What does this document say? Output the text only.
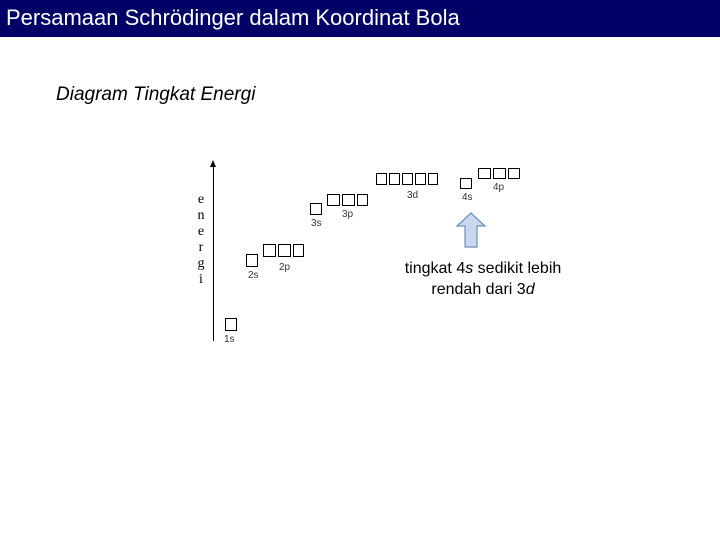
Persamaan Schrödinger dalam Koordinat Bola
Diagram Tingkat Energi
e
n
e
r
g
i
1s
2s
2p
3s
3p
3d	4s
4p
tingkat 4s sedikit lebih
rendah dari 3d
